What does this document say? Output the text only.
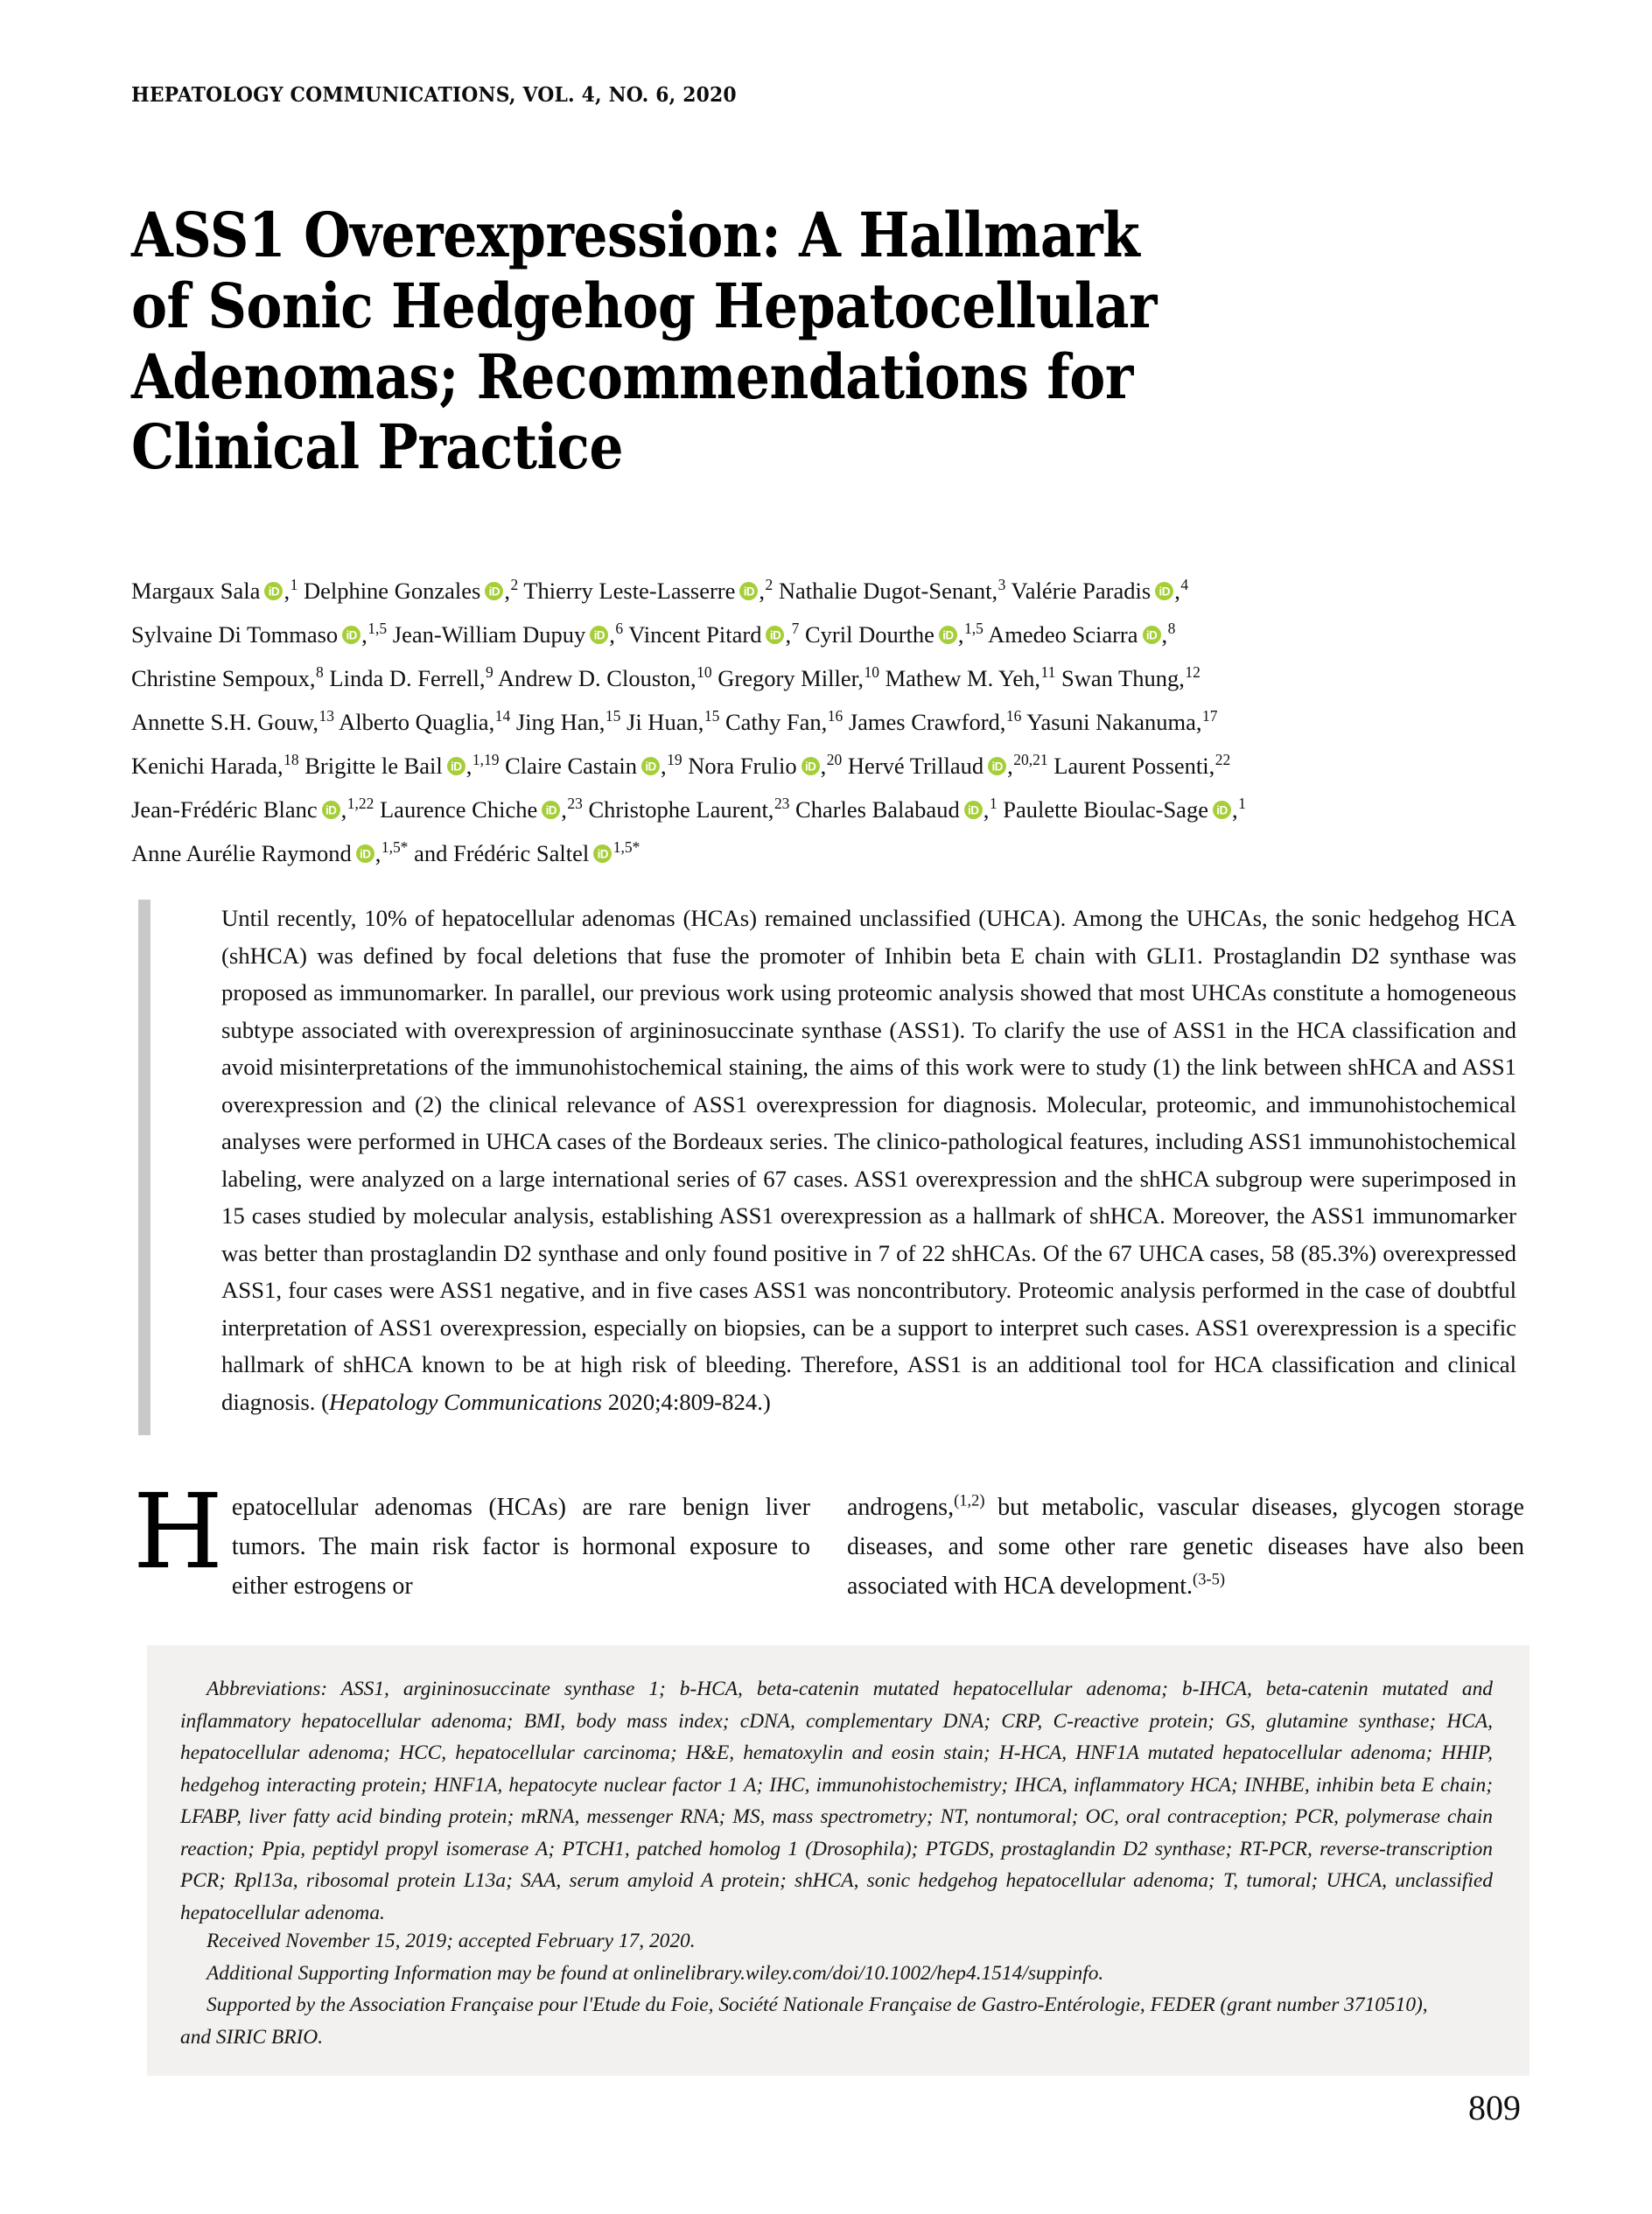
HEPATOLOGY COMMUNICATIONS, VOL. 4, NO. 6, 2020
ASS1 Overexpression: A Hallmark
of Sonic Hedgehog Hepatocellular
Adenomas; Recommendations for
Clinical Practice
Margaux Sala iD ,$^1$ Delphine Gonzales iD ,$^2$ Thierry Leste-Lasserre iD ,$^2$ Nathalie Dugot-Senant,$^3$ Valérie Paradis iD ,$^4$
Sylvaine Di Tommaso iD ,$^{1,5}$ Jean-William Dupuy iD ,$^6$ Vincent Pitard iD ,$^7$ Cyril Dourthe iD ,$^{1,5}$ Amedeo Sciarra iD ,$^8$
Christine Sempoux,$^8$ Linda D. Ferrell,$^9$ Andrew D. Clouston,$^{10}$ Gregory Miller,$^{10}$ Mathew M. Yeh,$^{11}$ Swan Thung,$^{12}$
Annette S.H. Gouw,$^{13}$ Alberto Quaglia,$^{14}$ Jing Han,$^{15}$ Ji Huan,$^{15}$ Cathy Fan,$^{16}$ James Crawford,$^{16}$ Yasuni Nakanuma,$^{17}$
Kenichi Harada,$^{18}$ Brigitte le Bail iD ,$^{1,19}$ Claire Castain iD ,$^{19}$ Nora Frulio iD ,$^{20}$ Hervé Trillaud iD ,$^{20,21}$ Laurent Possenti,$^{22}$
Jean-Frédéric Blanc iD ,$^{1,22}$ Laurence Chiche iD ,$^{23}$ Christophe Laurent,$^{23}$ Charles Balabaud iD ,$^1$ Paulette Bioulac-Sage iD ,$^1$
Anne Aurélie Raymond iD ,$^{1,5*}$ and Frédéric Saltel iD $^{1,5*}$
Until recently, 10% of hepatocellular adenomas (HCAs) remained unclassified (UHCA). Among the UHCAs, the sonic hedgehog HCA (shHCA) was defined by focal deletions that fuse the promoter of Inhibin beta E chain with GLI1. Prostaglandin D2 synthase was proposed as immunomarker. In parallel, our previous work using proteomic analysis showed that most UHCAs constitute a homogeneous subtype associated with overexpression of argininosuccinate synthase (ASS1). To clarify the use of ASS1 in the HCA classification and avoid misinterpretations of the immunohistochemical staining, the aims of this work were to study (1) the link between shHCA and ASS1 overexpression and (2) the clinical relevance of ASS1 overexpression for diagnosis. Molecular, proteomic, and immunohistochemical analyses were performed in UHCA cases of the Bordeaux series. The clinico-pathological features, including ASS1 immunohistochemical labeling, were analyzed on a large international series of 67 cases. ASS1 overexpression and the shHCA subgroup were superimposed in 15 cases studied by molecular analysis, establishing ASS1 overexpression as a hallmark of shHCA. Moreover, the ASS1 immunomarker was better than prostaglandin D2 synthase and only found positive in 7 of 22 shHCAs. Of the 67 UHCA cases, 58 (85.3%) overexpressed ASS1, four cases were ASS1 negative, and in five cases ASS1 was noncontributory. Proteomic analysis performed in the case of doubtful interpretation of ASS1 overexpression, especially on biopsies, can be a support to interpret such cases. ASS1 overexpression is a specific hallmark of shHCA known to be at high risk of bleeding. Therefore, ASS1 is an additional tool for HCA classification and clinical diagnosis. (Hepatology Communications 2020;4:809-824.)
Hepatocellular adenomas (HCAs) are rare benign liver tumors. The main risk factor is hormonal exposure to either estrogens or
androgens,$^{(1,2)}$ but metabolic, vascular diseases, glycogen storage diseases, and some other rare genetic diseases have also been associated with HCA development.$^{(3-5)}$
Abbreviations: ASS1, argininosuccinate synthase 1; b-HCA, beta-catenin mutated hepatocellular adenoma; b-IHCA, beta-catenin mutated and inflammatory hepatocellular adenoma; BMI, body mass index; cDNA, complementary DNA; CRP, C-reactive protein; GS, glutamine synthase; HCA, hepatocellular adenoma; HCC, hepatocellular carcinoma; H&E, hematoxylin and eosin stain; H-HCA, HNF1A mutated hepatocellular adenoma; HHIP, hedgehog interacting protein; HNF1A, hepatocyte nuclear factor 1 A; IHC, immunohistochemistry; IHCA, inflammatory HCA; INHBE, inhibin beta E chain; LFABP, liver fatty acid binding protein; mRNA, messenger RNA; MS, mass spectrometry; NT, nontumoral; OC, oral contraception; PCR, polymerase chain reaction; Ppia, peptidyl propyl isomerase A; PTCH1, patched homolog 1 (Drosophila); PTGDS, prostaglandin D2 synthase; RT-PCR, reverse-transcription PCR; Rpl13a, ribosomal protein L13a; SAA, serum amyloid A protein; shHCA, sonic hedgehog hepatocellular adenoma; T, tumoral; UHCA, unclassified hepatocellular adenoma.
Received November 15, 2019; accepted February 17, 2020.
Additional Supporting Information may be found at onlinelibrary.wiley.com/doi/10.1002/hep4.1514/suppinfo.
Supported by the Association Française pour l'Etude du Foie, Société Nationale Française de Gastro-Entérologie, FEDER (grant number 3710510),
and SIRIC BRIO.
809
